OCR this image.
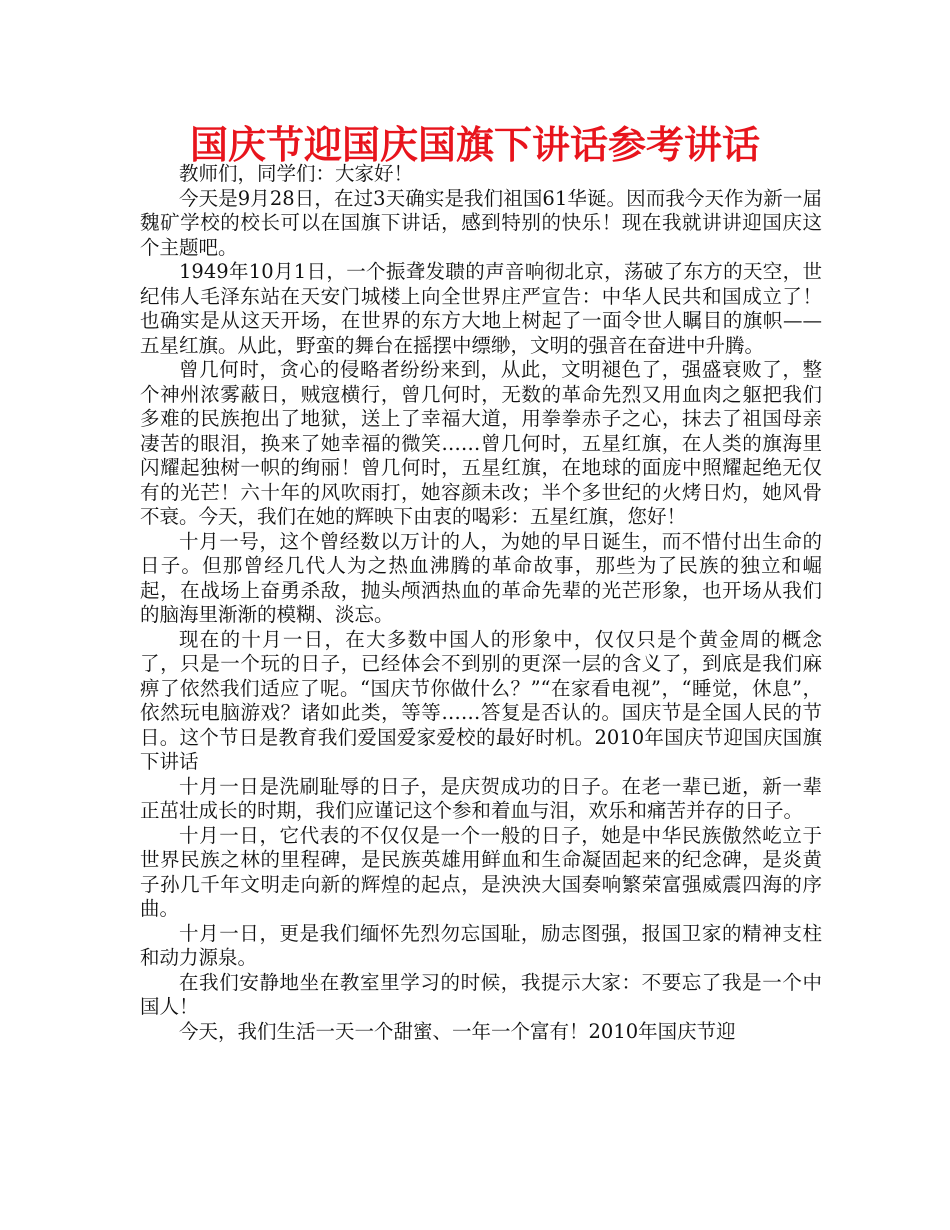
国庆节迎国庆国旗下讲话参考讲话

教师们，同学们：大家好！

今天是9月28日，在过3天确实是我们祖国61华诞。因而我今天作为新一届魏矿学校的校长可以在国旗下讲话，感到特别的快乐！现在我就讲讲迎国庆这个主题吧。

1949年10月1日，一个振聋发聩的声音响彻北京，荡破了东方的天空，世纪伟人毛泽东站在天安门城楼上向全世界庄严宣告：中华人民共和国成立了！也确实是从这天开场，在世界的东方大地上树起了一面令世人瞩目的旗帜——五星红旗。从此，野蛮的舞台在摇摆中缥缈，文明的强音在奋进中升腾。

曾几何时，贪心的侵略者纷纷来到，从此，文明褪色了，强盛衰败了，整个神州浓雾蔽日，贼寇横行，曾几何时，无数的革命先烈又用血肉之躯把我们多难的民族抱出了地狱，送上了幸福大道，用拳拳赤子之心，抹去了祖国母亲凄苦的眼泪，换来了她幸福的微笑……曾几何时，五星红旗，在人类的旗海里闪耀起独树一帜的绚丽！曾几何时，五星红旗，在地球的面庞中照耀起绝无仅有的光芒！六十年的风吹雨打，她容颜未改；半个多世纪的火烤日灼，她风骨不衰。今天，我们在她的辉映下由衷的喝彩：五星红旗，您好！

十月一号，这个曾经数以万计的人，为她的早日诞生，而不惜付出生命的日子。但那曾经几代人为之热血沸腾的革命故事，那些为了民族的独立和崛起，在战场上奋勇杀敌，抛头颅洒热血的革命先辈的光芒形象，也开场从我们的脑海里渐渐的模糊、淡忘。

现在的十月一日，在大多数中国人的形象中，仅仅只是个黄金周的概念了，只是一个玩的日子，已经体会不到别的更深一层的含义了，到底是我们麻痹了依然我们适应了呢。“国庆节你做什么？”“在家看电视”，“睡觉，休息”，依然玩电脑游戏？诸如此类，等等……答复是否认的。国庆节是全国人民的节日。这个节日是教育我们爱国爱家爱校的最好时机。2010年国庆节迎国庆国旗下讲话

十月一日是洗刷耻辱的日子，是庆贺成功的日子。在老一辈已逝，新一辈正茁壮成长的时期，我们应谨记这个参和着血与泪，欢乐和痛苦并存的日子。

十月一日，它代表的不仅仅是一个一般的日子，她是中华民族傲然屹立于世界民族之林的里程碑，是民族英雄用鲜血和生命凝固起来的纪念碑，是炎黄子孙几千年文明走向新的辉煌的起点，是泱泱大国奏响繁荣富强威震四海的序曲。

十月一日，更是我们缅怀先烈勿忘国耻，励志图强，报国卫家的精神支柱和动力源泉。

在我们安静地坐在教室里学习的时候，我提示大家：不要忘了我是一个中国人！

今天，我们生活一天一个甜蜜、一年一个富有！2010年国庆节迎
